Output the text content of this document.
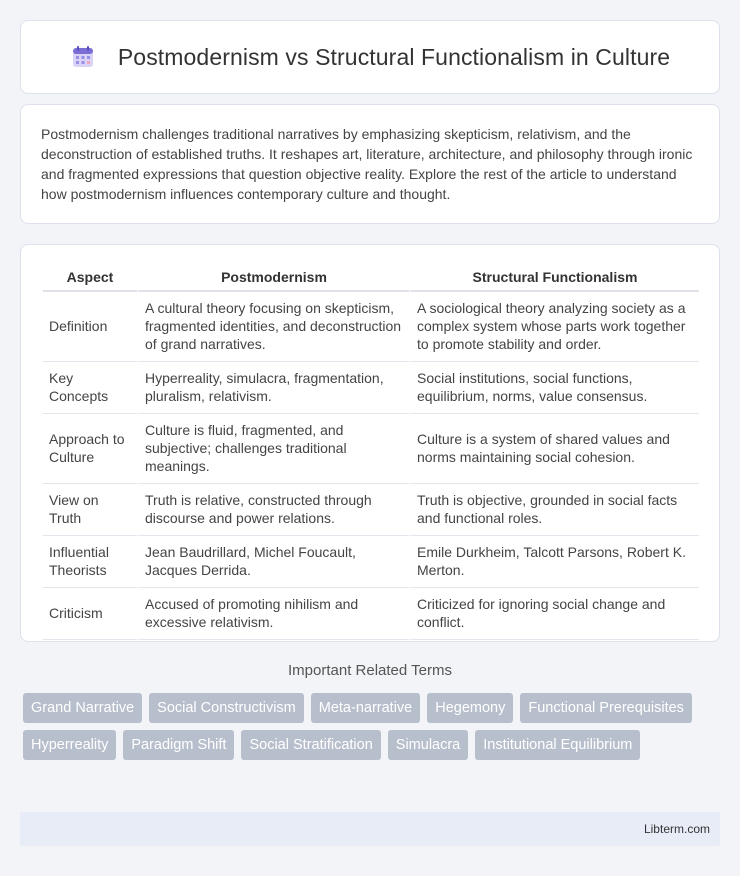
Postmodernism vs Structural Functionalism in Culture

Postmodernism challenges traditional narratives by emphasizing skepticism, relativism, and the deconstruction of established truths. It reshapes art, literature, architecture, and philosophy through ironic and fragmented expressions that question objective reality. Explore the rest of the article to understand how postmodernism influences contemporary culture and thought.

Aspect	Postmodernism	Structural Functionalism
Definition	A cultural theory focusing on skepticism, fragmented identities, and deconstruction of grand narratives.	A sociological theory analyzing society as a complex system whose parts work together to promote stability and order.
Key Concepts	Hyperreality, simulacra, fragmentation, pluralism, relativism.	Social institutions, social functions, equilibrium, norms, value consensus.
Approach to Culture	Culture is fluid, fragmented, and subjective; challenges traditional meanings.	Culture is a system of shared values and norms maintaining social cohesion.
View on Truth	Truth is relative, constructed through discourse and power relations.	Truth is objective, grounded in social facts and functional roles.
Influential Theorists	Jean Baudrillard, Michel Foucault, Jacques Derrida.	Emile Durkheim, Talcott Parsons, Robert K. Merton.
Criticism	Accused of promoting nihilism and excessive relativism.	Criticized for ignoring social change and conflict.
Important Related Terms
Grand Narrative	Social Constructivism	Meta-narrative	Hegemony	Functional Prerequisites
Hyperreality	Paradigm Shift	Social Stratification	Simulacra	Institutional Equilibrium
Libterm.com
